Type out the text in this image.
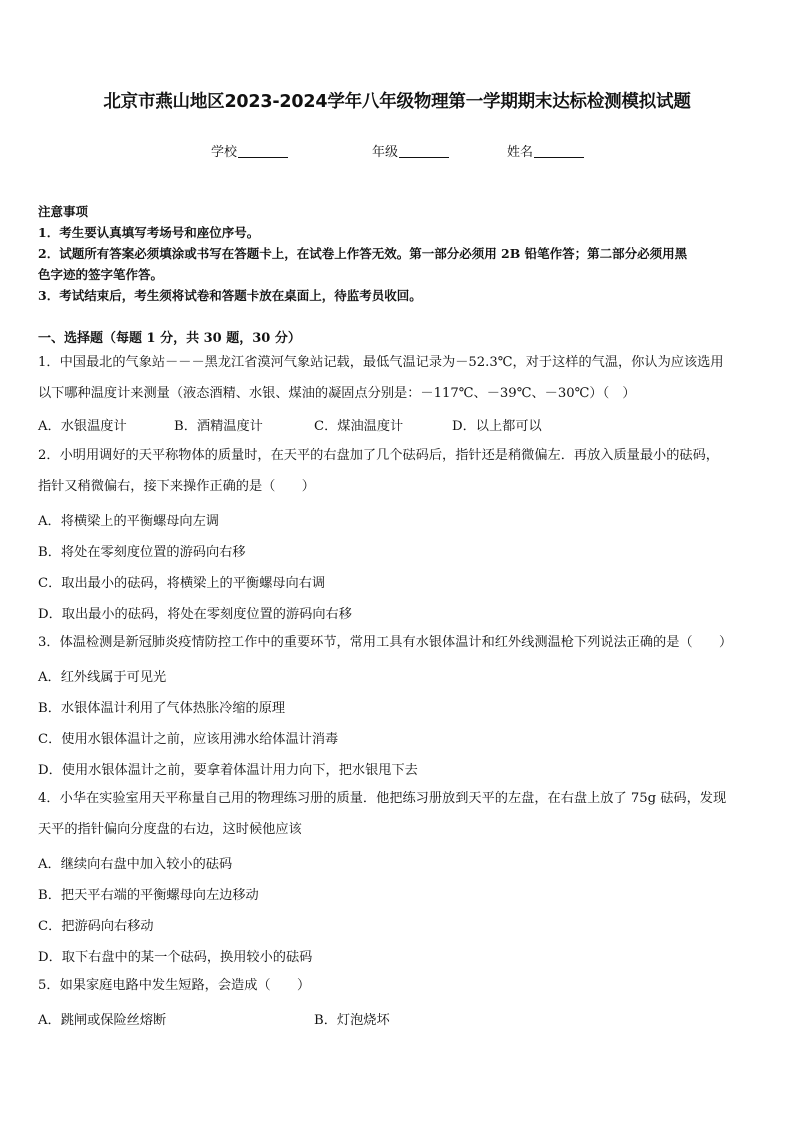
北京市燕山地区2023-2024学年八年级物理第一学期期末达标检测模拟试题
学校	年级	姓名
注意事项
1．考生要认真填写考场号和座位序号。
2．试题所有答案必须填涂或书写在答题卡上，在试卷上作答无效。第一部分必须用 2B 铅笔作答；第二部分必须用黑
色字迹的签字笔作答。
3．考试结束后，考生须将试卷和答题卡放在桌面上，待监考员收回。
一、选择题（每题 1 分，共 30 题，30 分）
1．中国最北的气象站－－－黑龙江省漠河气象站记载，最低气温记录为－52.3℃，对于这样的气温，你认为应该选用
以下哪种温度计来测量（液态酒精、水银、煤油的凝固点分别是：－117℃、－39℃、－30℃）（　）
A．水银温度计	B．酒精温度计	C．煤油温度计	D．以上都可以
2．小明用调好的天平称物体的质量时，在天平的右盘加了几个砝码后，指针还是稍微偏左．再放入质量最小的砝码，
指针又稍微偏右，接下来操作正确的是（　　）
A．将横梁上的平衡螺母向左调
B．将处在零刻度位置的游码向右移
C．取出最小的砝码，将横梁上的平衡螺母向右调
D．取出最小的砝码，将处在零刻度位置的游码向右移
3．体温检测是新冠肺炎疫情防控工作中的重要环节，常用工具有水银体温计和红外线测温枪下列说法正确的是（　　）
A．红外线属于可见光
B．水银体温计利用了气体热胀冷缩的原理
C．使用水银体温计之前，应该用沸水给体温计消毒
D．使用水银体温计之前，要拿着体温计用力向下，把水银甩下去
4．小华在实验室用天平称量自己用的物理练习册的质量．他把练习册放到天平的左盘，在右盘上放了 75g 砝码，发现
天平的指针偏向分度盘的右边，这时候他应该
A．继续向右盘中加入较小的砝码
B．把天平右端的平衡螺母向左边移动
C．把游码向右移动
D．取下右盘中的某一个砝码，换用较小的砝码
5．如果家庭电路中发生短路，会造成（　　）
A．跳闸或保险丝熔断	B．灯泡烧坏
